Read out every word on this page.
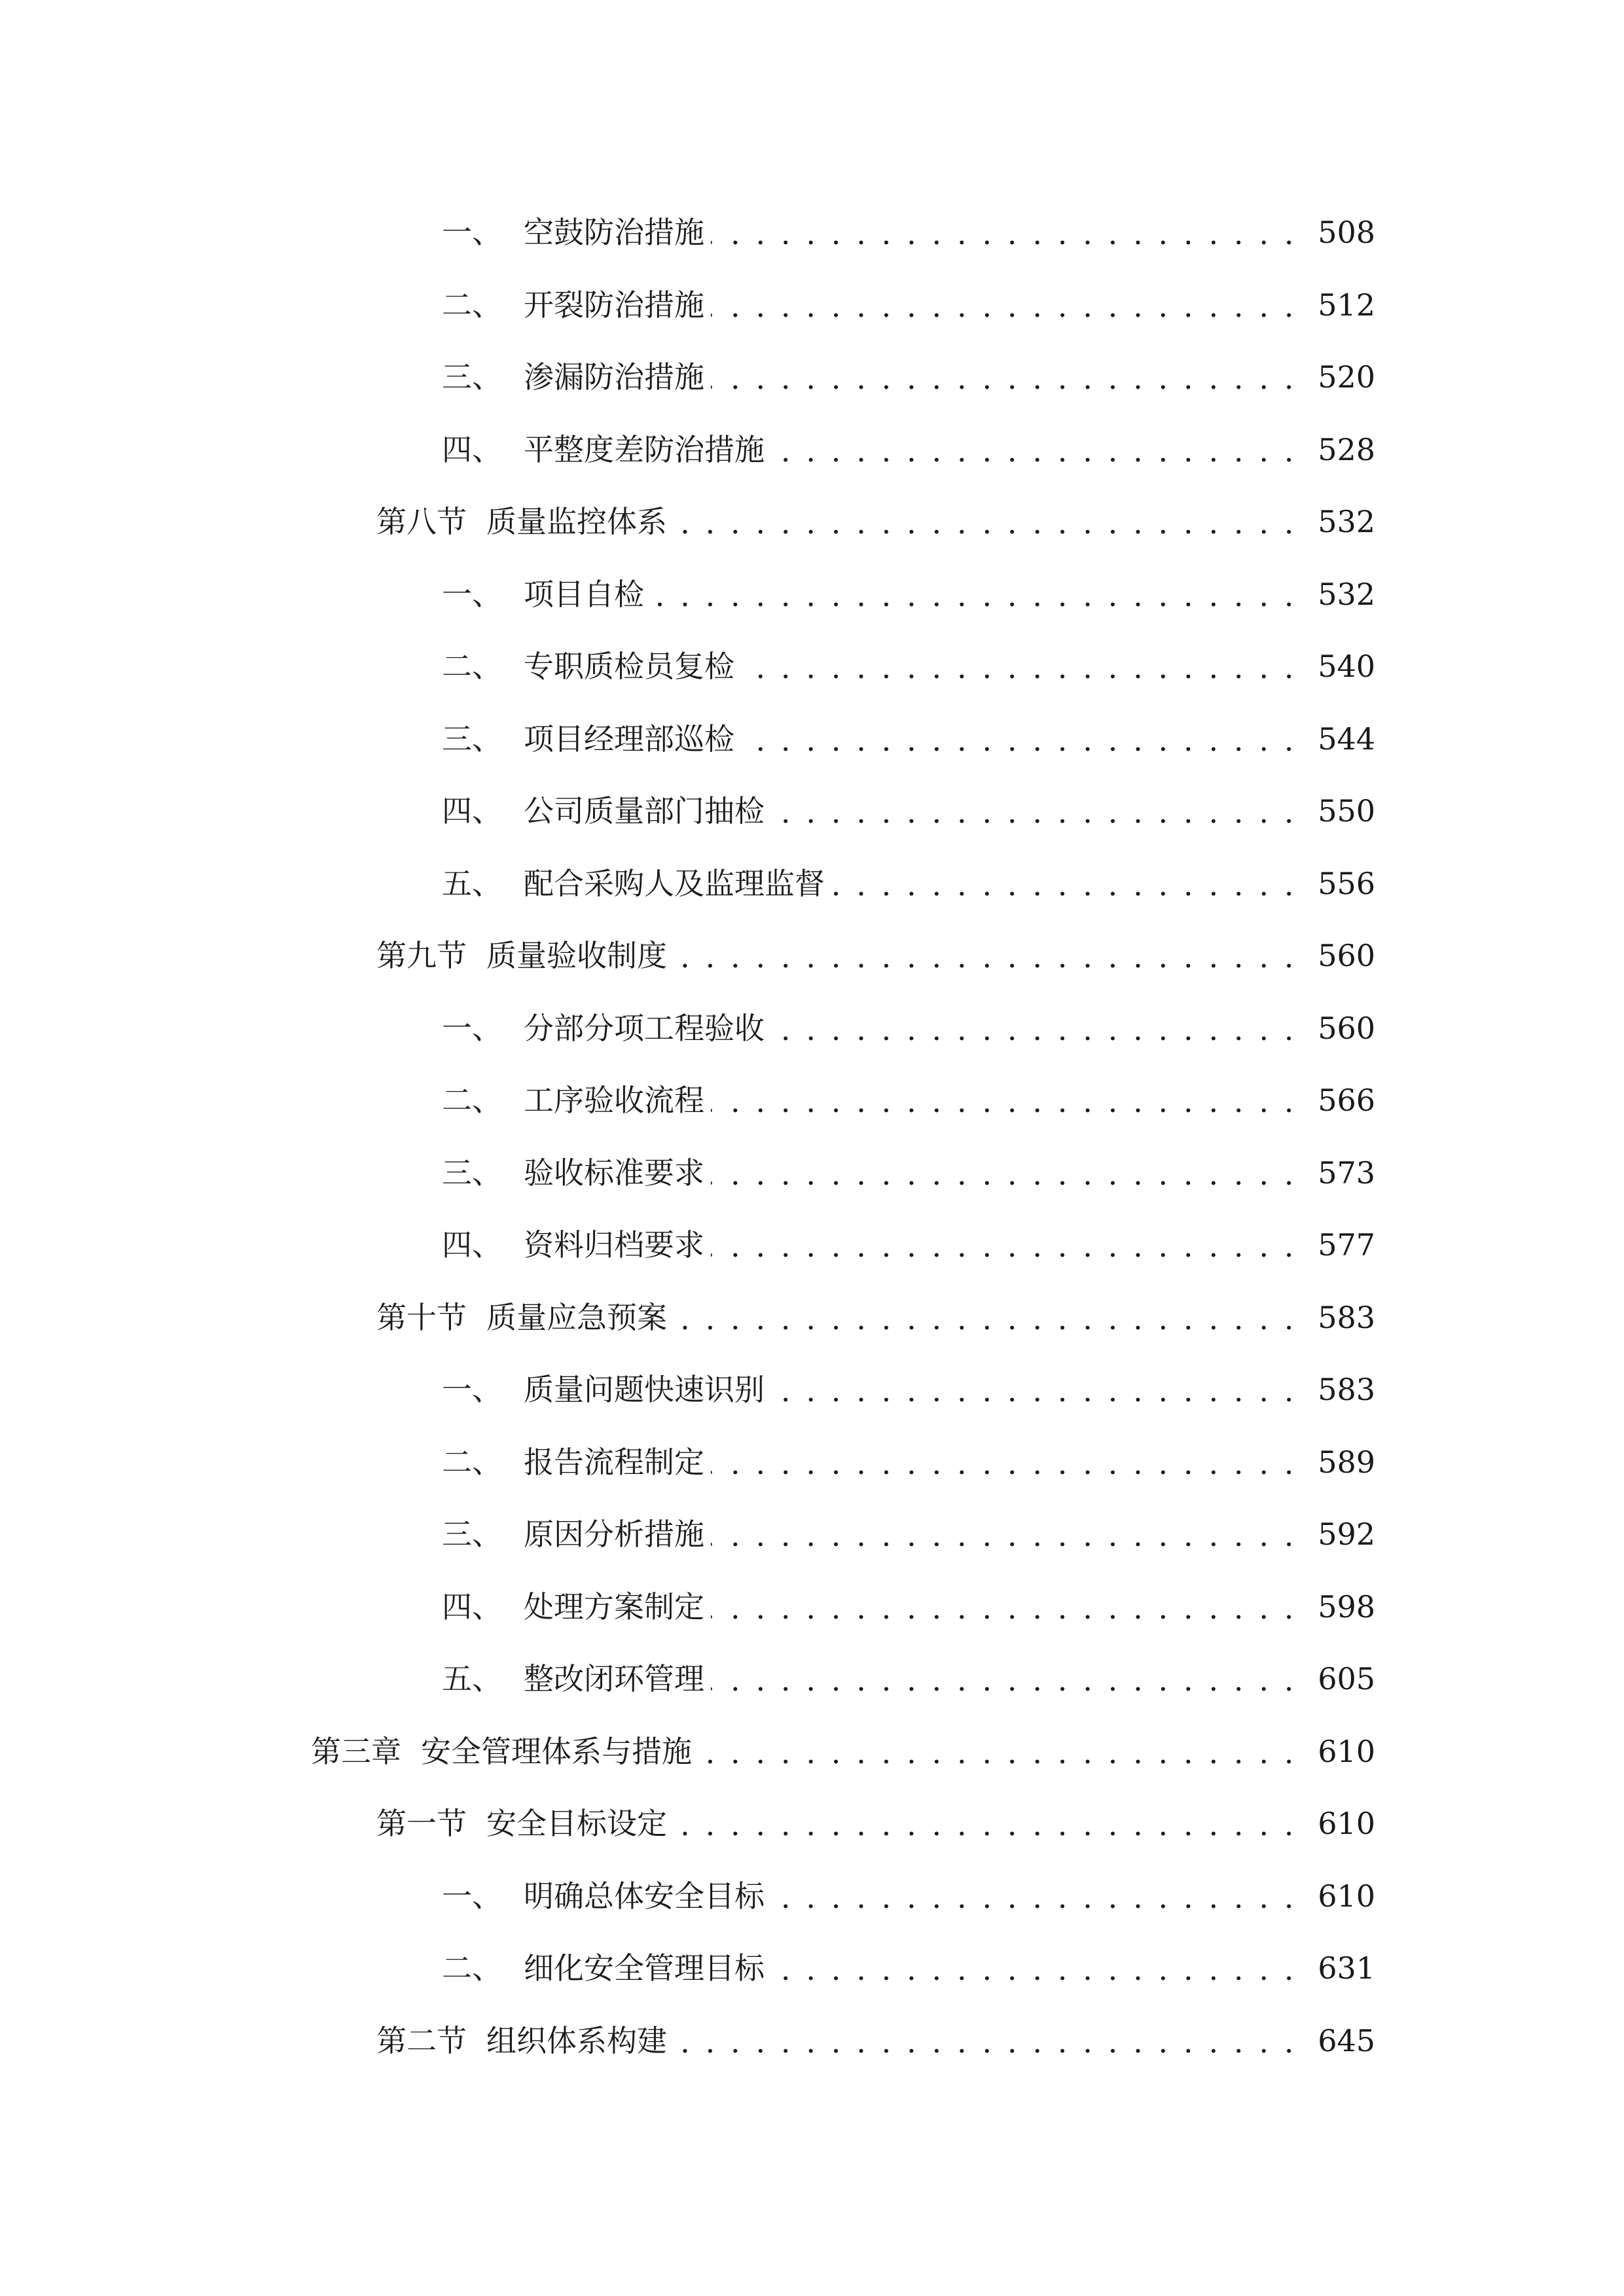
一、 空鼓防治措施 . . .	508
二、 开裂防治措施 . . .	512
三、 渗漏防治措施 . . .	520
四、 平整度差防治措施 . . .	528
第八节 质量监控体系 . . .	532
一、 项目自检 . . .	532
二、 专职质检员复检 . . .	540
三、 项目经理部巡检 . . .	544
四、 公司质量部门抽检 . . .	550
五、 配合采购人及监理监督 . . .	556
第九节 质量验收制度 . . .	560
一、 分部分项工程验收 . . .	560
二、 工序验收流程 . . .	566
三、 验收标准要求 . . .	573
四、 资料归档要求 . . .	577
第十节 质量应急预案 . . .	583
一、 质量问题快速识别 . . .	583
二、 报告流程制定 . . .	589
三、 原因分析措施 . . .	592
四、 处理方案制定 . . .	598
五、 整改闭环管理 . . .	605
第三章 安全管理体系与措施 . . .	610
第一节 安全目标设定 . . .	610
一、 明确总体安全目标 . . .	610
二、 细化安全管理目标 . . .	631
第二节 组织体系构建 . . .	645
